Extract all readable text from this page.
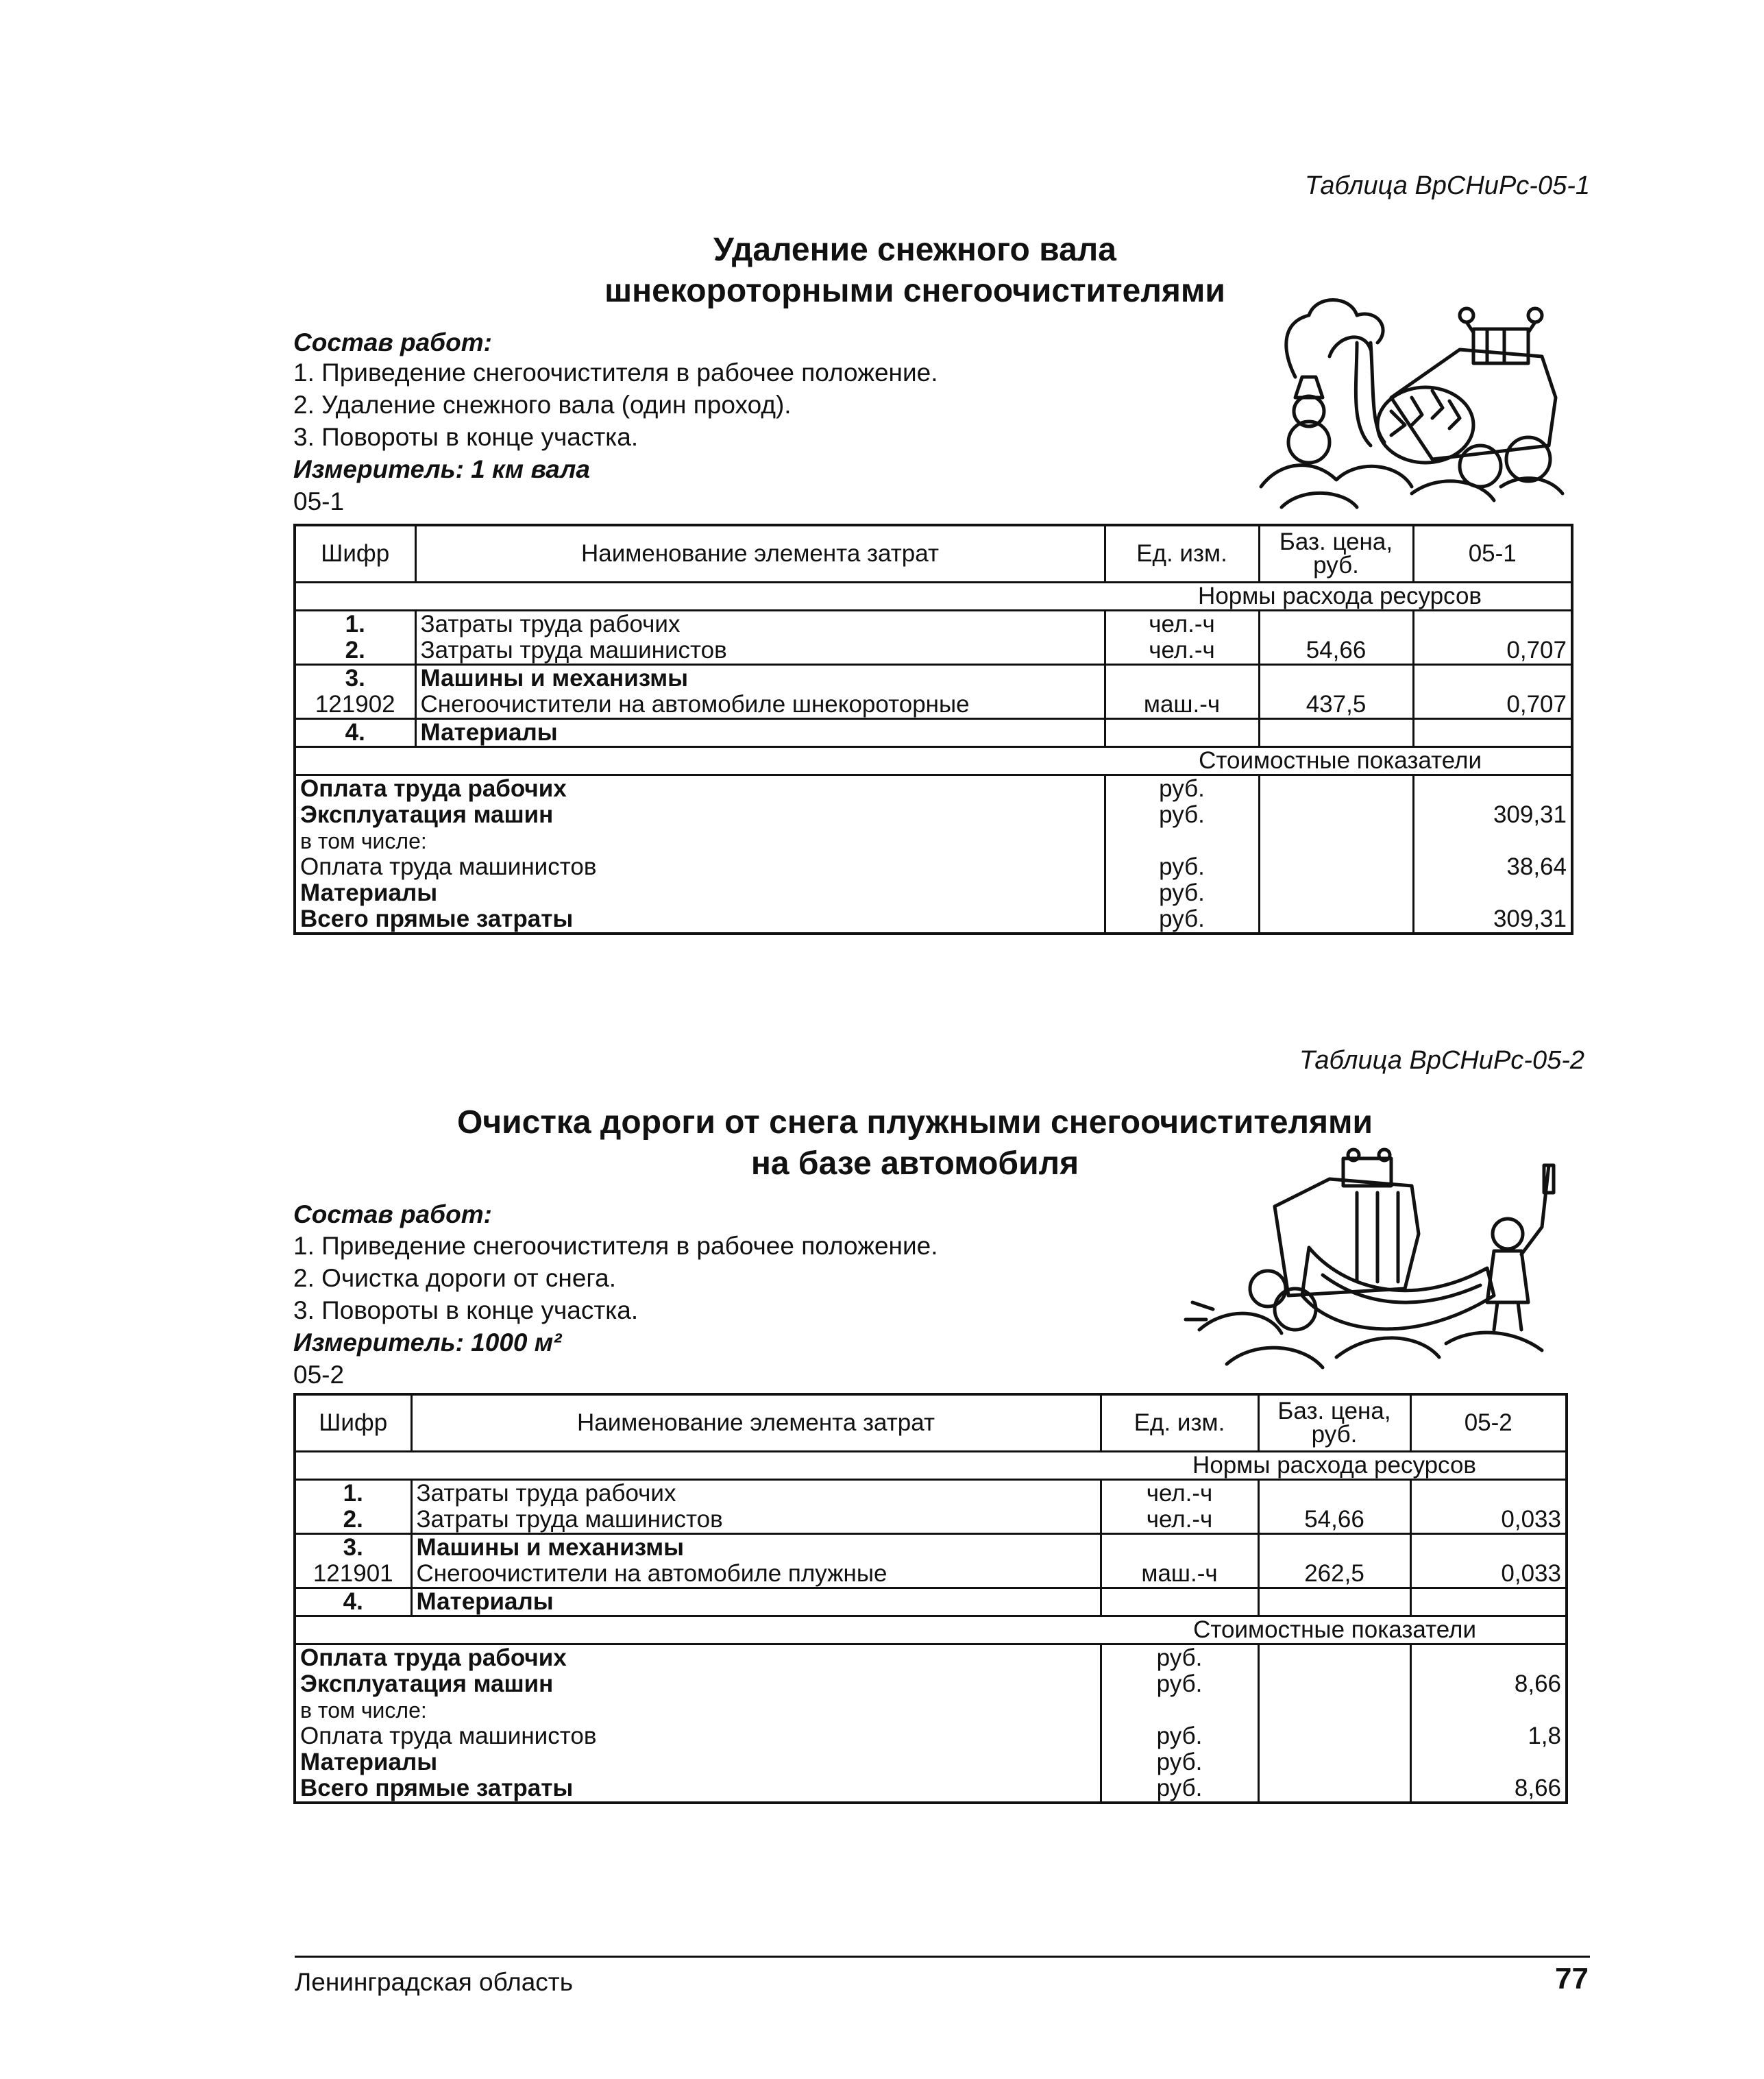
Таблица ВрСНиРс-05-1
Удаление снежного вала
шнекороторными снегоочистителями
Состав работ:
1. Приведение снегоочистителя в рабочее положение.
2. Удаление снежного вала (один проход).
3. Повороты в конце участка.
Измеритель: 1 км вала
05-1
Шифр	Наименование элемента затрат	Ед. изм.	Баз. цена, руб.	05-1
Нормы расхода ресурсов				
1.	Затраты труда рабочих	чел.-ч		
2.	Затраты труда машинистов	чел.-ч	54,66	0,707
3.	Машины и механизмы			
121902	Снегоочистители на автомобиле шнекороторные	маш.-ч	437,5	0,707
4.	Материалы			
Стоимостные показатели				
Оплата труда рабочих		руб.		
Эксплуатация машин		руб.		309,31
в том числе:				
Оплата труда машинистов		руб.		38,64
Материалы		руб.		
Всего прямые затраты		руб.		309,31
Таблица ВрСНиРс-05-2
Очистка дороги от снега плужными снегоочистителями
на базе автомобиля
Состав работ:
1. Приведение снегоочистителя в рабочее положение.
2. Очистка дороги от снега.
3. Повороты в конце участка.
Измеритель: 1000 м²
05-2
Шифр	Наименование элемента затрат	Ед. изм.	Баз. цена, руб.	05-2
Нормы расхода ресурсов				
1.	Затраты труда рабочих	чел.-ч		
2.	Затраты труда машинистов	чел.-ч	54,66	0,033
3.	Машины и механизмы			
121901	Снегоочистители на автомобиле плужные	маш.-ч	262,5	0,033
4.	Материалы			
Стоимостные показатели				
Оплата труда рабочих		руб.		
Эксплуатация машин		руб.		8,66
в том числе:				
Оплата труда машинистов		руб.		1,8
Материалы		руб.		
Всего прямые затраты		руб.		8,66
Ленинградская область	77
